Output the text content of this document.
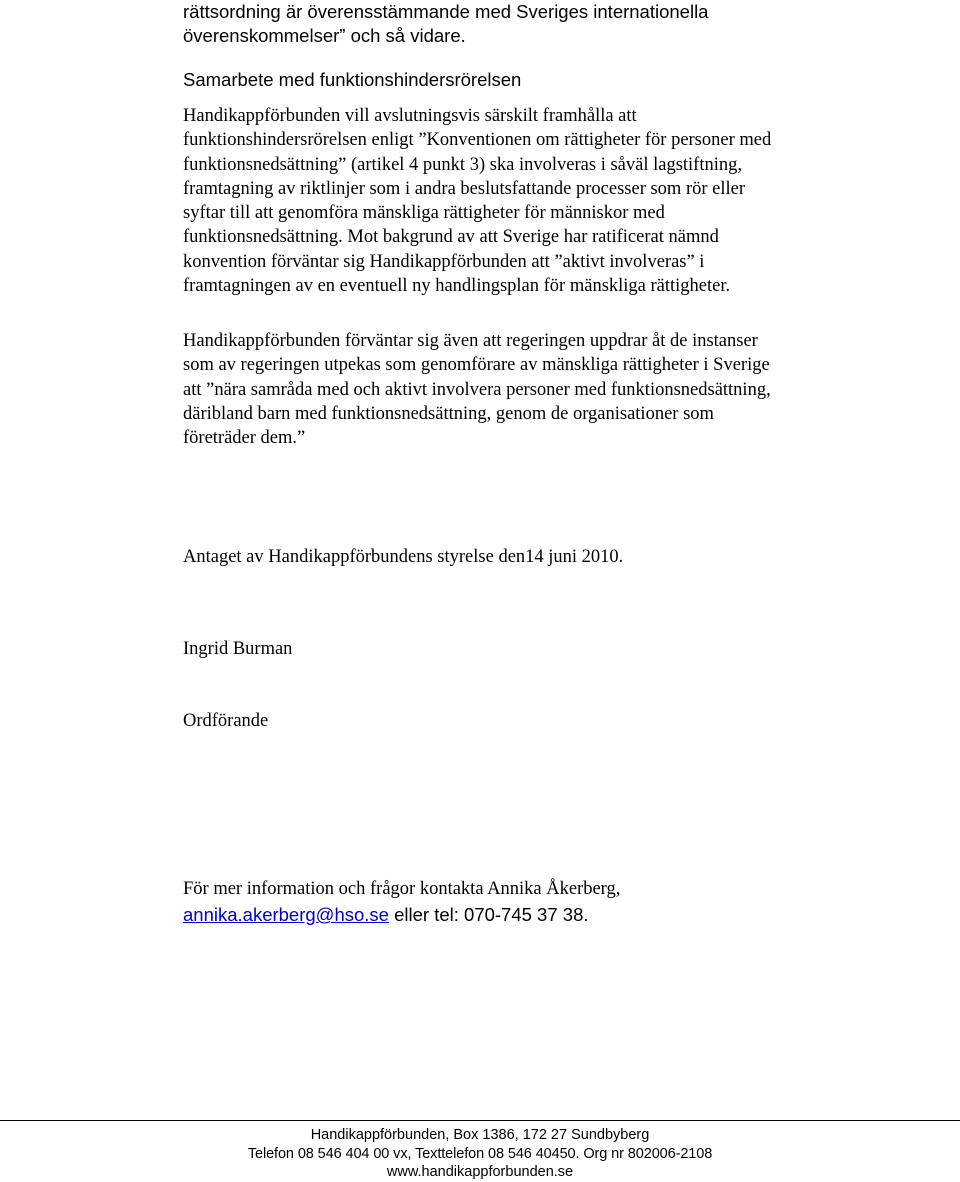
rättsordning är överensstämmande med Sveriges internationella
överenskommelser” och så vidare.
Samarbete med funktionshindersrörelsen

Handikappförbunden vill avslutningsvis särskilt framhålla att funktionshindersrörelsen enligt ”Konventionen om rättigheter för personer med funktionsnedsättning” (artikel 4 punkt 3) ska involveras i såväl lagstiftning, framtagning av riktlinjer som i andra beslutsfattande processer som rör eller syftar till att genomföra mänskliga rättigheter för människor med funktionsnedsättning. Mot bakgrund av att Sverige har ratificerat nämnd konvention förväntar sig Handikappförbunden att ”aktivt involveras” i framtagningen av en eventuell ny handlingsplan för mänskliga rättigheter.

Handikappförbunden förväntar sig även att regeringen uppdrar åt de instanser som av regeringen utpekas som genomförare av mänskliga rättigheter i Sverige att ”nära samråda med och aktivt involvera personer med funktionsnedsättning, däribland barn med funktionsnedsättning, genom de organisationer som företräder dem.”

Antaget av Handikappförbundens styrelse den14 juni 2010.

Ingrid Burman

Ordförande

För mer information och frågor kontakta Annika Åkerberg,
annika.akerberg@hso.se eller tel: 070-745 37 38.

Handikappförbunden, Box 1386, 172 27 Sundbyberg
Telefon 08 546 404 00 vx, Texttelefon 08 546 40450. Org nr 802006-2108
www.handikappforbunden.se
